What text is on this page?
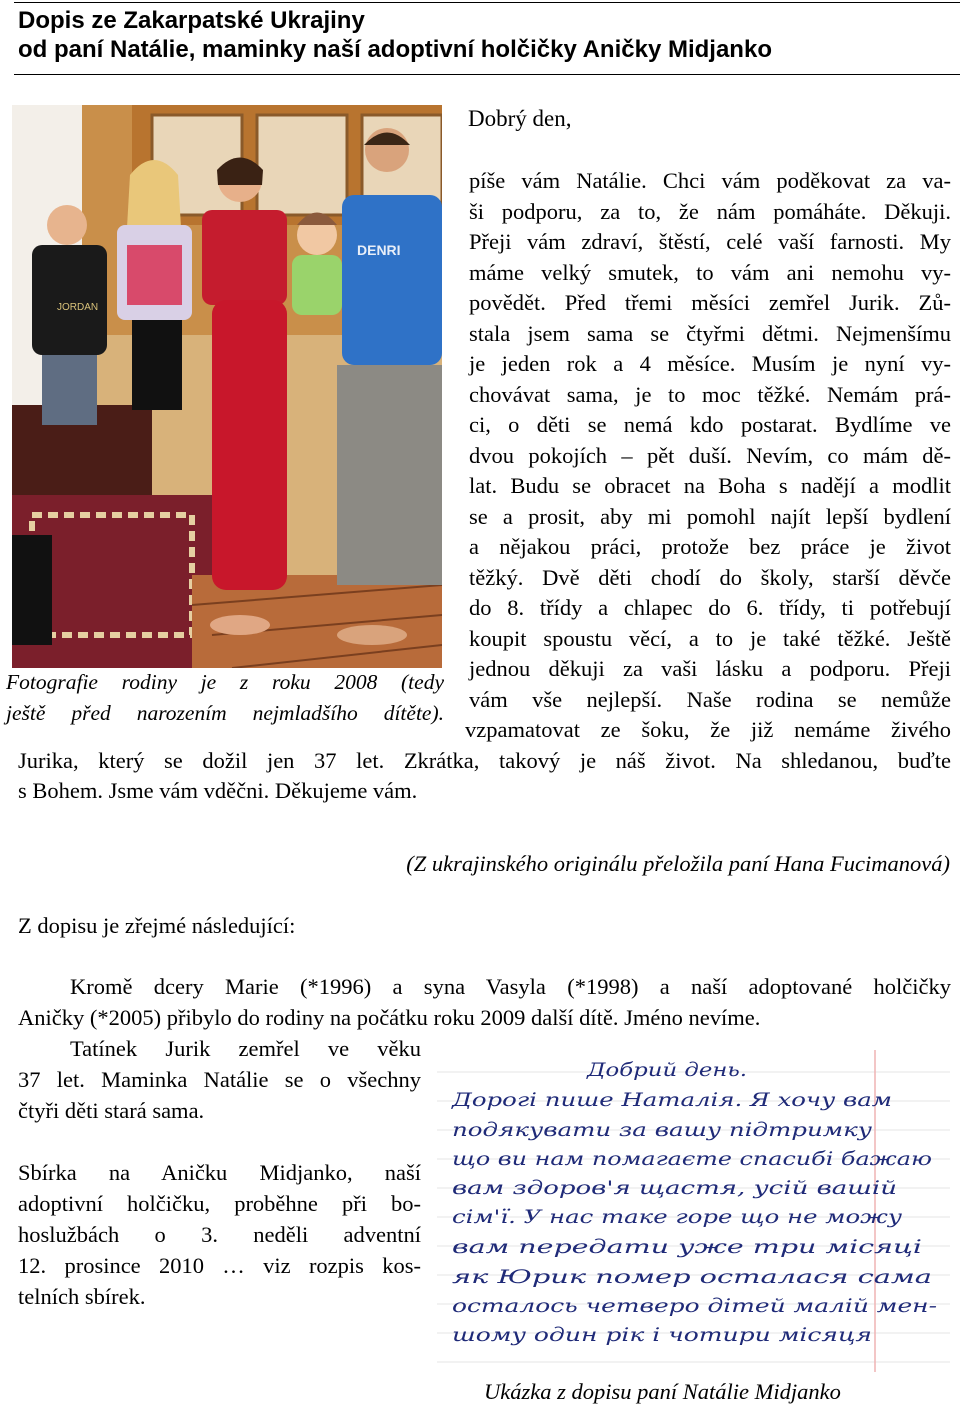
Dopis ze Zakarpatské Ukrajiny
od paní Natálie, maminky naší adoptivní holčičky Aničky Midjanko
JORDAN
DENRI
Fotografie rodiny je z roku 2008 (tedy
ještě před narozením nejmladšího dítěte).
Dobrý den,
píše vám Natálie. Chci vám poděkovat za va-
ši podporu, za to, že nám pomáháte. Děkuji.
Přeji vám zdraví, štěstí, celé vaší farnosti. My
máme velký smutek, to vám ani nemohu vy-
povědět. Před třemi měsíci zemřel Jurik. Zů-
stala jsem sama se čtyřmi dětmi. Nejmenšímu
je jeden rok a 4 měsíce. Musím je nyní vy-
chovávat sama, je to moc těžké. Nemám prá-
ci, o děti se nemá kdo postarat. Bydlíme ve
dvou pokojích – pět duší. Nevím, co mám dě-
lat. Budu se obracet na Boha s nadějí a modlit
se a prosit, aby mi pomohl najít lepší bydlení
a nějakou práci, protože bez práce je život
těžký. Dvě děti chodí do školy, starší děvče
do 8. třídy a chlapec do 6. třídy, ti potřebují
koupit spoustu věcí, a to je také těžké. Ještě
jednou děkuji za vaši lásku a podporu. Přeji
vám vše nejlepší. Naše rodina se nemůže
vzpamatovat ze šoku, že již nemáme živého
Jurika, který se dožil jen 37 let. Zkrátka, takový je náš život. Na shledanou, buďte
s Bohem. Jsme vám vděčni. Děkujeme vám.
(Z ukrajinského originálu přeložila paní Hana Fucimanová)
Z dopisu je zřejmé následující:
Kromě dcery Marie (*1996) a syna Vasyla (*1998) a naší adoptované holčičky
Aničky (*2005) přibylo do rodiny na počátku roku 2009 další dítě. Jméno nevíme.
Tatínek Jurik zemřel ve věku
37 let. Maminka Natálie se o všechny
čtyři děti stará sama.
Sbírka na Aničku Midjanko, naší
adoptivní holčičku, proběhne při bo-
hoslužbách o 3. neděli adventní
12. prosince 2010 … viz rozpis kos-
telních sbírek.
Добрий день.
Дорогі пише Наталія. Я хочу вам
подякувати за вашу підтримку
що ви нам помагаєте спасибі бажаю
вам здоров'я щастя, усій вашій
сім'ї. У нас таке горе що не можу
вам передати уже три місяці
як Юрик помер осталася сама
осталось четверо дітей малій мен-
шому один рік і чотири місяця
Ukázka z dopisu paní Natálie Midjanko
